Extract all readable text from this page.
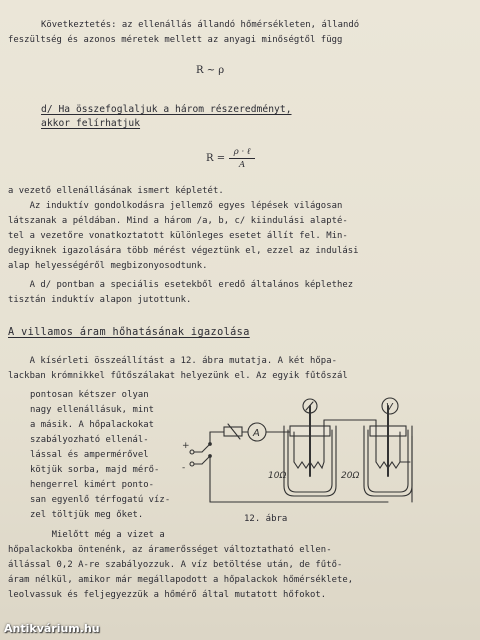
Következtetés: az ellenállás állandó hőmérsékleten, állandó
feszültség és azonos méretek mellett az anyagi minőségtől függ
R ~ ρ
d/ Ha összefoglaljuk a három részeredményt,
akkor felírhatjuk
$R = \frac{\text{ρ · ℓ}}{A}$
a vezető ellenállásának ismert képletét.
Az induktív gondolkodásra jellemző egyes lépések világosan
látszanak a példában. Mind a három /a, b, c/ kiindulási alapté-
tel a vezetőre vonatkoztatott különleges esetet állít fel. Min-
degyiknek igazolására több mérést végeztünk el, ezzel az indulási
alap helyességéről megbizonyosodtunk.
A d/ pontban a speciális esetekből eredő általános képlethez
tisztán induktív alapon jutottunk.
A villamos áram hőhatásának igazolása
A kísérleti összeállítást a 12. ábra mutatja. A két hőpa-
lackban krómnikkel fűtőszálakat helyezünk el. Az egyik fűtőszál
pontosan kétszer olyan
nagy ellenállásuk, mint
a másik. A hőpalackokat
szabályozható ellenál-
lással és ampermérővel
kötjük sorba, majd mérő-
hengerrel kimért ponto-
san egyenlő térfogatú víz-
zel töltjük meg őket.
Mielőtt még a vizet a
hőpalackokba öntenénk, az áramerősséget változtatható ellen-
állással 0,2 A-re szabályozzuk. A víz betöltése után, de fűtő-
áram nélkül, amikor már megállapodott a hőpalackok hőmérséklete,
leolvassuk és feljegyezzük a hőmérő által mutatott hőfokot.
+
-
A
V
10Ω	20Ω
12. ábra
Antikvárium.hu
